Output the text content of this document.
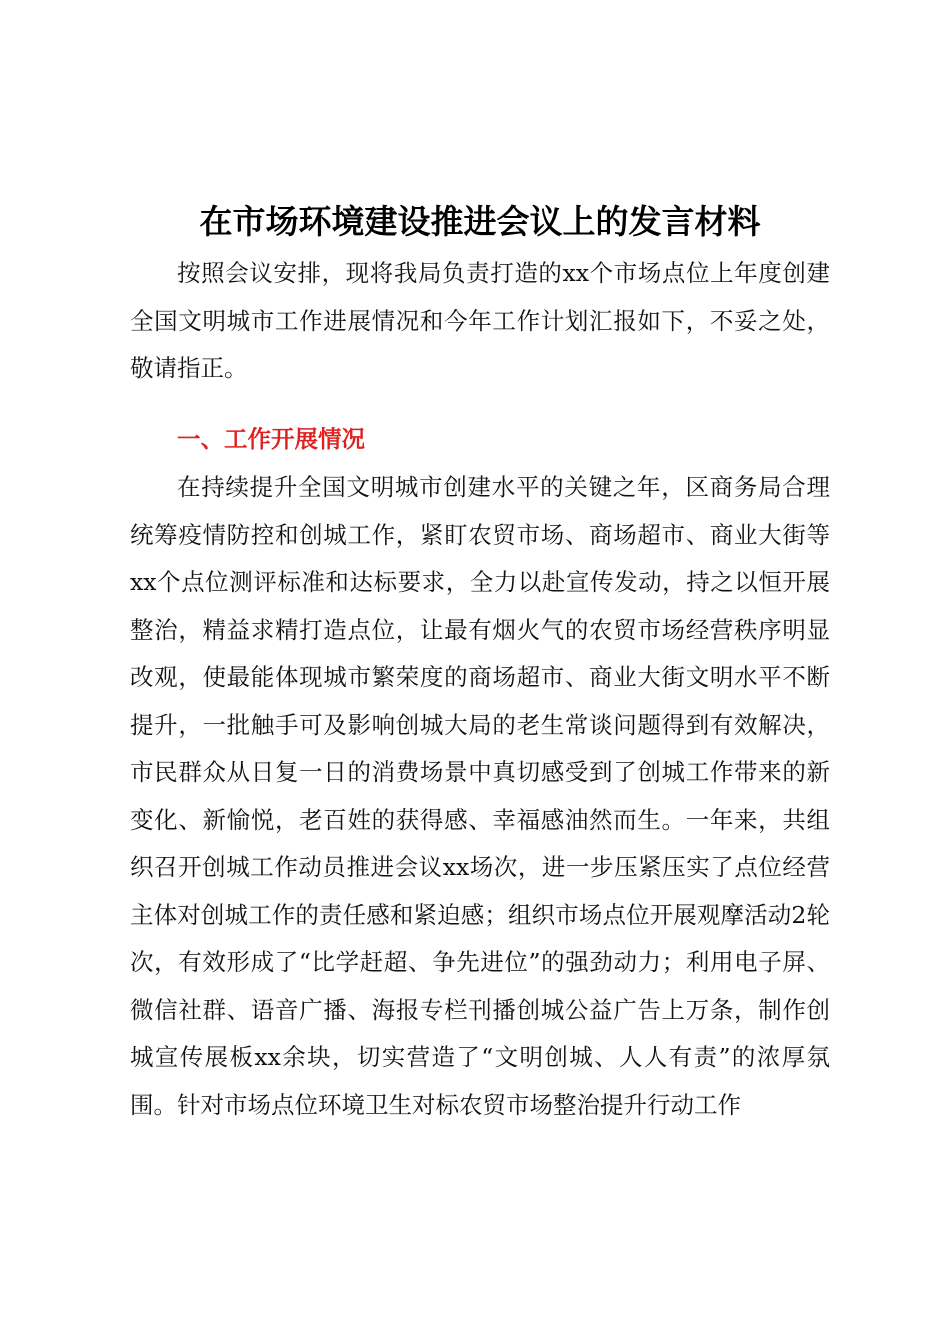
在市场环境建设推进会议上的发言材料

按照会议安排，现将我局负责打造的xx个市场点位上年度创建全国文明城市工作进展情况和今年工作计划汇报如下，不妥之处，敬请指正。

一、工作开展情况

在持续提升全国文明城市创建水平的关键之年，区商务局合理统筹疫情防控和创城工作，紧盯农贸市场、商场超市、商业大街等xx个点位测评标准和达标要求，全力以赴宣传发动，持之以恒开展整治，精益求精打造点位，让最有烟火气的农贸市场经营秩序明显改观，使最能体现城市繁荣度的商场超市、商业大街文明水平不断提升，一批触手可及影响创城大局的老生常谈问题得到有效解决，市民群众从日复一日的消费场景中真切感受到了创城工作带来的新变化、新愉悦，老百姓的获得感、幸福感油然而生。一年来，共组织召开创城工作动员推进会议xx场次，进一步压紧压实了点位经营主体对创城工作的责任感和紧迫感；组织市场点位开展观摩活动2轮次，有效形成了“比学赶超、争先进位”的强劲动力；利用电子屏、微信社群、语音广播、海报专栏刊播创城公益广告上万条，制作创城宣传展板xx余块，切实营造了“文明创城、人人有责”的浓厚氛围。针对市场点位环境卫生对标农贸市场整治提升行动工作
